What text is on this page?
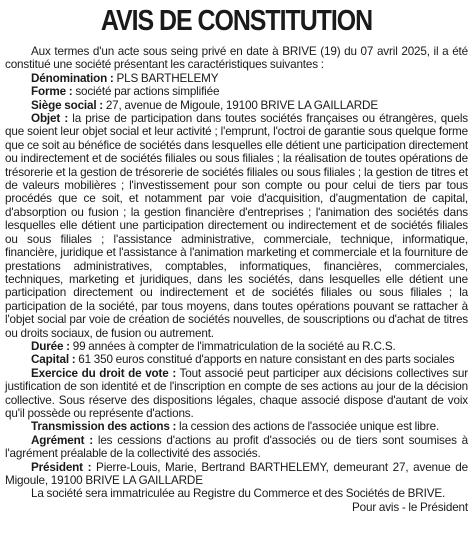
AVIS DE CONSTITUTION

Aux termes d'un acte sous seing privé en date à BRIVE (19) du 07 avril 2025, il a été constitué une société présentant les caractéristiques suivantes :

Dénomination : PLS BARTHELEMY

Forme : société par actions simplifiée

Siège social : 27, avenue de Migoule, 19100 BRIVE LA GAILLARDE

Objet : la prise de participation dans toutes sociétés françaises ou étrangères, quels que soient leur objet social et leur activité ; l'emprunt, l'octroi de garantie sous quelque forme que ce soit au bénéfice de sociétés dans lesquelles elle détient une participation directement ou indirectement et de sociétés filiales ou sous filiales ; la réalisation de toutes opérations de trésorerie et la gestion de trésorerie de sociétés filiales ou sous filiales ; la gestion de titres et de valeurs mobilières ; l'investissement pour son compte ou pour celui de tiers par tous procédés que ce soit, et notamment par voie d'acquisition, d'augmentation de capital, d'absorption ou fusion ; la gestion financière d'entreprises ; l'animation des sociétés dans lesquelles elle détient une participation directement ou indirectement et de sociétés filiales ou sous filiales ; l'assistance administrative, commerciale, technique, informatique, financière, juridique et l'assistance à l'animation marketing et commerciale et la fourniture de prestations administratives, comptables, informatiques, financières, commerciales, techniques, marketing et juridiques, dans les sociétés, dans lesquelles elle détient une participation directement ou indirectement et de sociétés filiales ou sous filiales ; la participation de la société, par tous moyens, dans toutes opérations pouvant se rattacher à l'objet social par voie de création de sociétés nouvelles, de souscriptions ou d'achat de titres ou droits sociaux, de fusion ou autrement.

Durée : 99 années à compter de l'immatriculation de la société au R.C.S.

Capital : 61 350 euros constitué d'apports en nature consistant en des parts sociales

Exercice du droit de vote : Tout associé peut participer aux décisions collectives sur justification de son identité et de l'inscription en compte de ses actions au jour de la décision collective. Sous réserve des dispositions légales, chaque associé dispose d'autant de voix qu'il possède ou représente d'actions.

Transmission des actions : la cession des actions de l'associée unique est libre.

Agrément : les cessions d'actions au profit d'associés ou de tiers sont soumises à l'agrément préalable de la collectivité des associés.

Président : Pierre-Louis, Marie, Bertrand BARTHELEMY, demeurant 27, avenue de Migoule, 19100 BRIVE LA GAILLARDE

La société sera immatriculée au Registre du Commerce et des Sociétés de BRIVE.

Pour avis - le Président
